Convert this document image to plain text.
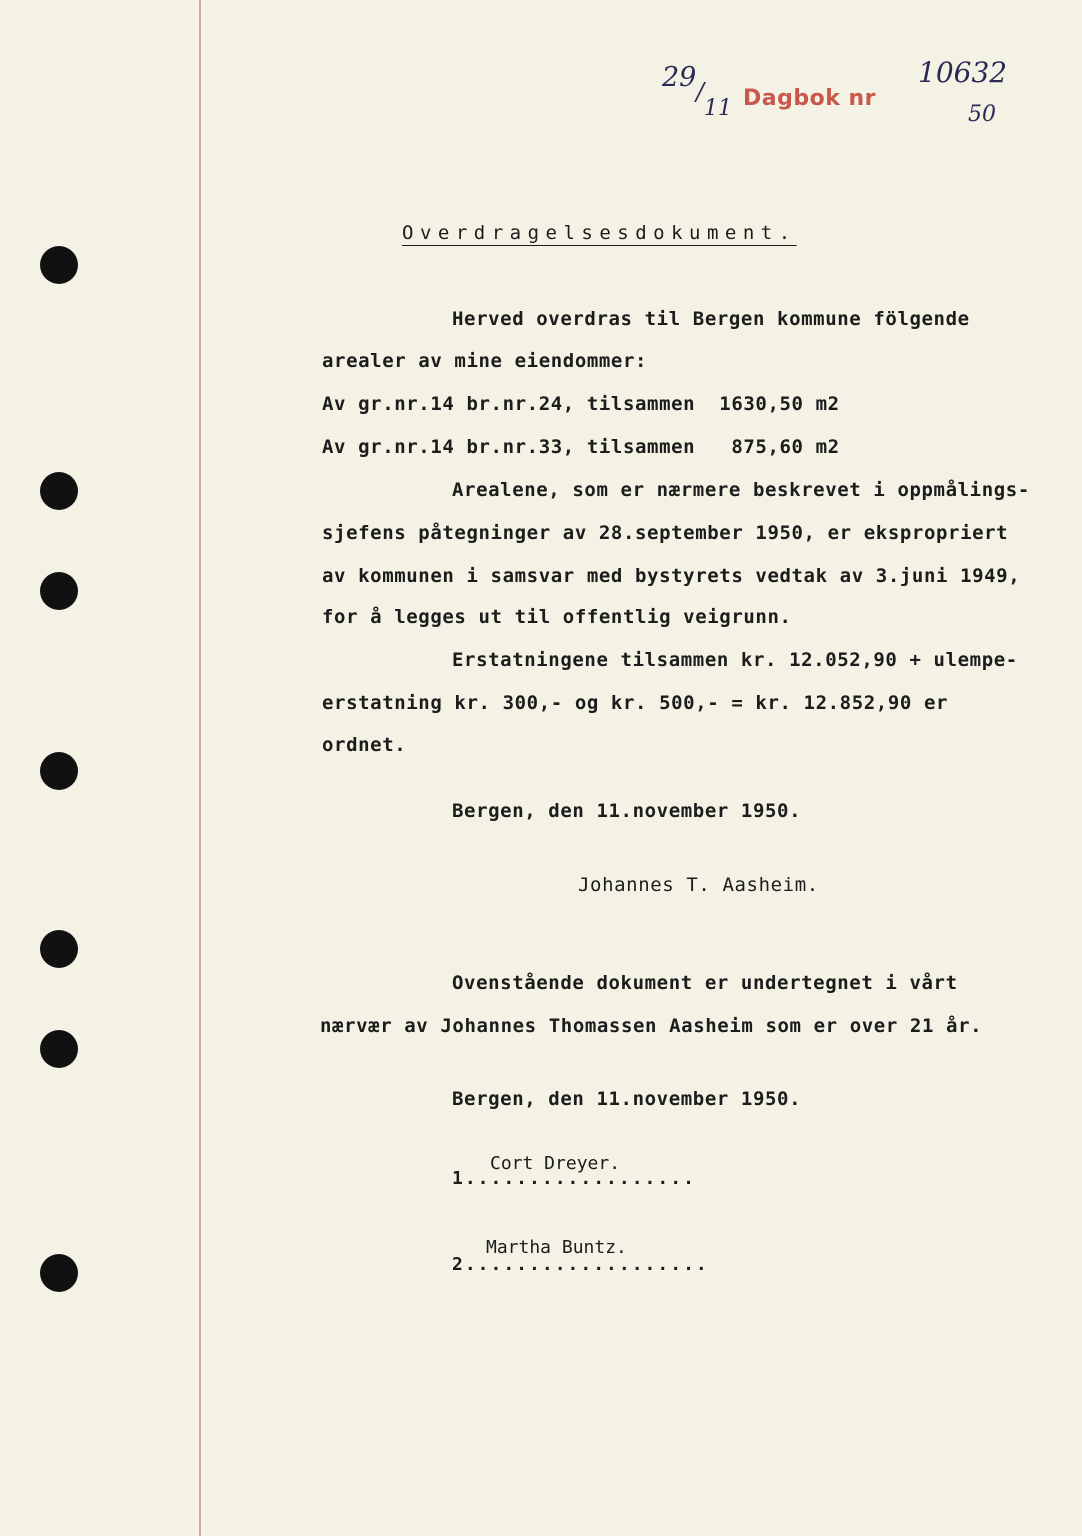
29 /
11 Dagbok nr
10632
50
Overdragelsesdokument.
Herved overdras til Bergen kommune fölgende
arealer av mine eiendommer:
Av gr.nr.14 br.nr.24, tilsammen  1630,50 m2
Av gr.nr.14 br.nr.33, tilsammen   875,60 m2
Arealene, som er nærmere beskrevet i oppmålings-
sjefens påtegninger av 28.september 1950, er ekspropriert
av kommunen i samsvar med bystyrets vedtak av 3.juni 1949,
for å legges ut til offentlig veigrunn.
Erstatningene tilsammen kr. 12.052,90 + ulempe-
erstatning kr. 300,- og kr. 500,- = kr. 12.852,90 er
ordnet.
Bergen, den 11.november 1950.
Johannes T. Aasheim.
Ovenstående dokument er undertegnet i vårt
nærvær av Johannes Thomassen Aasheim som er over 21 år.
Bergen, den 11.november 1950.
Cort Dreyer.
1..................
Martha Buntz.
2...................
